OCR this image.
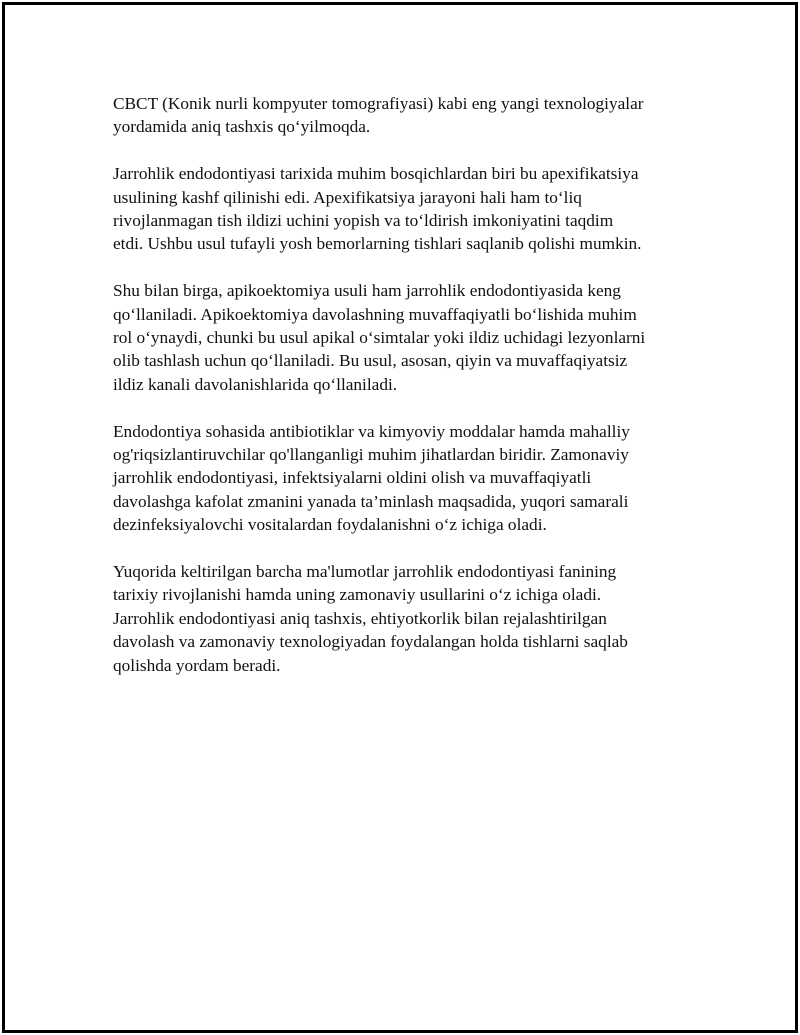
CBCT (Konik nurli kompyuter tomografiyasi) kabi eng yangi texnologiyalar
yordamida aniq tashxis qo‘yilmoqda.

Jarrohlik endodontiyasi tarixida muhim bosqichlardan biri bu apexifikatsiya
usulining kashf qilinishi edi. Apexifikatsiya jarayoni hali ham to‘liq
rivojlanmagan tish ildizi uchini yopish va to‘ldirish imkoniyatini taqdim
etdi. Ushbu usul tufayli yosh bemorlarning tishlari saqlanib qolishi mumkin.

Shu bilan birga, apikoektomiya usuli ham jarrohlik endodontiyasida keng
qo‘llaniladi. Apikoektomiya davolashning muvaffaqiyatli bo‘lishida muhim
rol o‘ynaydi, chunki bu usul apikal o‘simtalar yoki ildiz uchidagi lezyonlarni
olib tashlash uchun qo‘llaniladi. Bu usul, asosan, qiyin va muvaffaqiyatsiz
ildiz kanali davolanishlarida qo‘llaniladi.

Endodontiya sohasida antibiotiklar va kimyoviy moddalar hamda mahalliy
og'riqsizlantiruvchilar qo'llanganligi muhim jihatlardan biridir. Zamonaviy
jarrohlik endodontiyasi, infektsiyalarni oldini olish va muvaffaqiyatli
davolashga kafolat zmanini yanada ta’minlash maqsadida, yuqori samarali
dezinfeksiyalovchi vositalardan foydalanishni o‘z ichiga oladi.

Yuqorida keltirilgan barcha ma'lumotlar jarrohlik endodontiyasi fanining
tarixiy rivojlanishi hamda uning zamonaviy usullarini o‘z ichiga oladi.
Jarrohlik endodontiyasi aniq tashxis, ehtiyotkorlik bilan rejalashtirilgan
davolash va zamonaviy texnologiyadan foydalangan holda tishlarni saqlab
qolishda yordam beradi.
